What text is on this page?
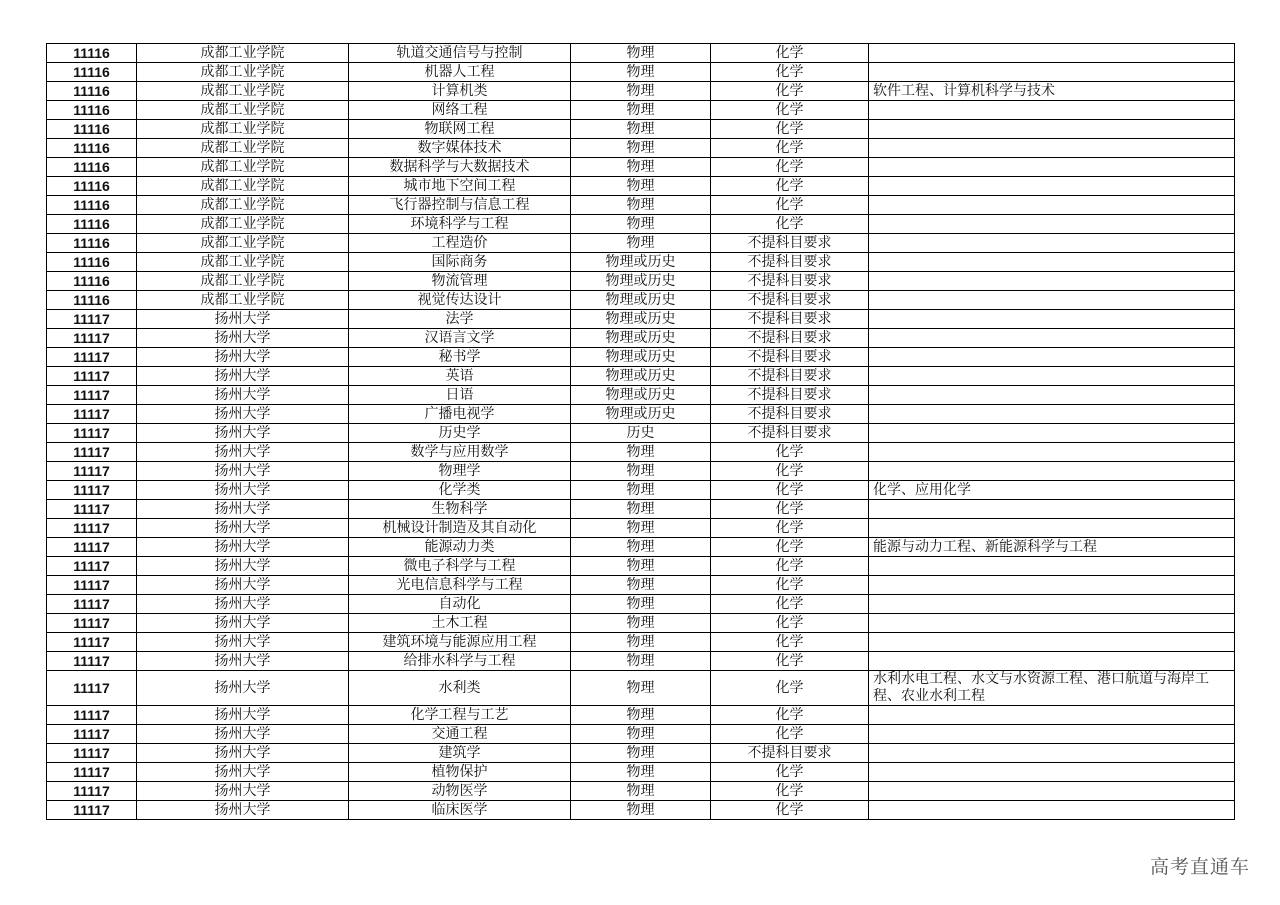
11116	成都工业学院	轨道交通信号与控制	物理	化学	
11116	成都工业学院	机器人工程	物理	化学	
11116	成都工业学院	计算机类	物理	化学	软件工程、计算机科学与技术
11116	成都工业学院	网络工程	物理	化学	
11116	成都工业学院	物联网工程	物理	化学	
11116	成都工业学院	数字媒体技术	物理	化学	
11116	成都工业学院	数据科学与大数据技术	物理	化学	
11116	成都工业学院	城市地下空间工程	物理	化学	
11116	成都工业学院	飞行器控制与信息工程	物理	化学	
11116	成都工业学院	环境科学与工程	物理	化学	
11116	成都工业学院	工程造价	物理	不提科目要求	
11116	成都工业学院	国际商务	物理或历史	不提科目要求	
11116	成都工业学院	物流管理	物理或历史	不提科目要求	
11116	成都工业学院	视觉传达设计	物理或历史	不提科目要求	
11117	扬州大学	法学	物理或历史	不提科目要求	
11117	扬州大学	汉语言文学	物理或历史	不提科目要求	
11117	扬州大学	秘书学	物理或历史	不提科目要求	
11117	扬州大学	英语	物理或历史	不提科目要求	
11117	扬州大学	日语	物理或历史	不提科目要求	
11117	扬州大学	广播电视学	物理或历史	不提科目要求	
11117	扬州大学	历史学	历史	不提科目要求	
11117	扬州大学	数学与应用数学	物理	化学	
11117	扬州大学	物理学	物理	化学	
11117	扬州大学	化学类	物理	化学	化学、应用化学
11117	扬州大学	生物科学	物理	化学	
11117	扬州大学	机械设计制造及其自动化	物理	化学	
11117	扬州大学	能源动力类	物理	化学	能源与动力工程、新能源科学与工程
11117	扬州大学	微电子科学与工程	物理	化学	
11117	扬州大学	光电信息科学与工程	物理	化学	
11117	扬州大学	自动化	物理	化学	
11117	扬州大学	土木工程	物理	化学	
11117	扬州大学	建筑环境与能源应用工程	物理	化学	
11117	扬州大学	给排水科学与工程	物理	化学	
11117	扬州大学	水利类	物理	化学	水利水电工程、水文与水资源工程、港口航道与海岸工程、农业水利工程
11117	扬州大学	化学工程与工艺	物理	化学	
11117	扬州大学	交通工程	物理	化学	
11117	扬州大学	建筑学	物理	不提科目要求	
11117	扬州大学	植物保护	物理	化学	
11117	扬州大学	动物医学	物理	化学	
11117	扬州大学	临床医学	物理	化学	
高考直通车
